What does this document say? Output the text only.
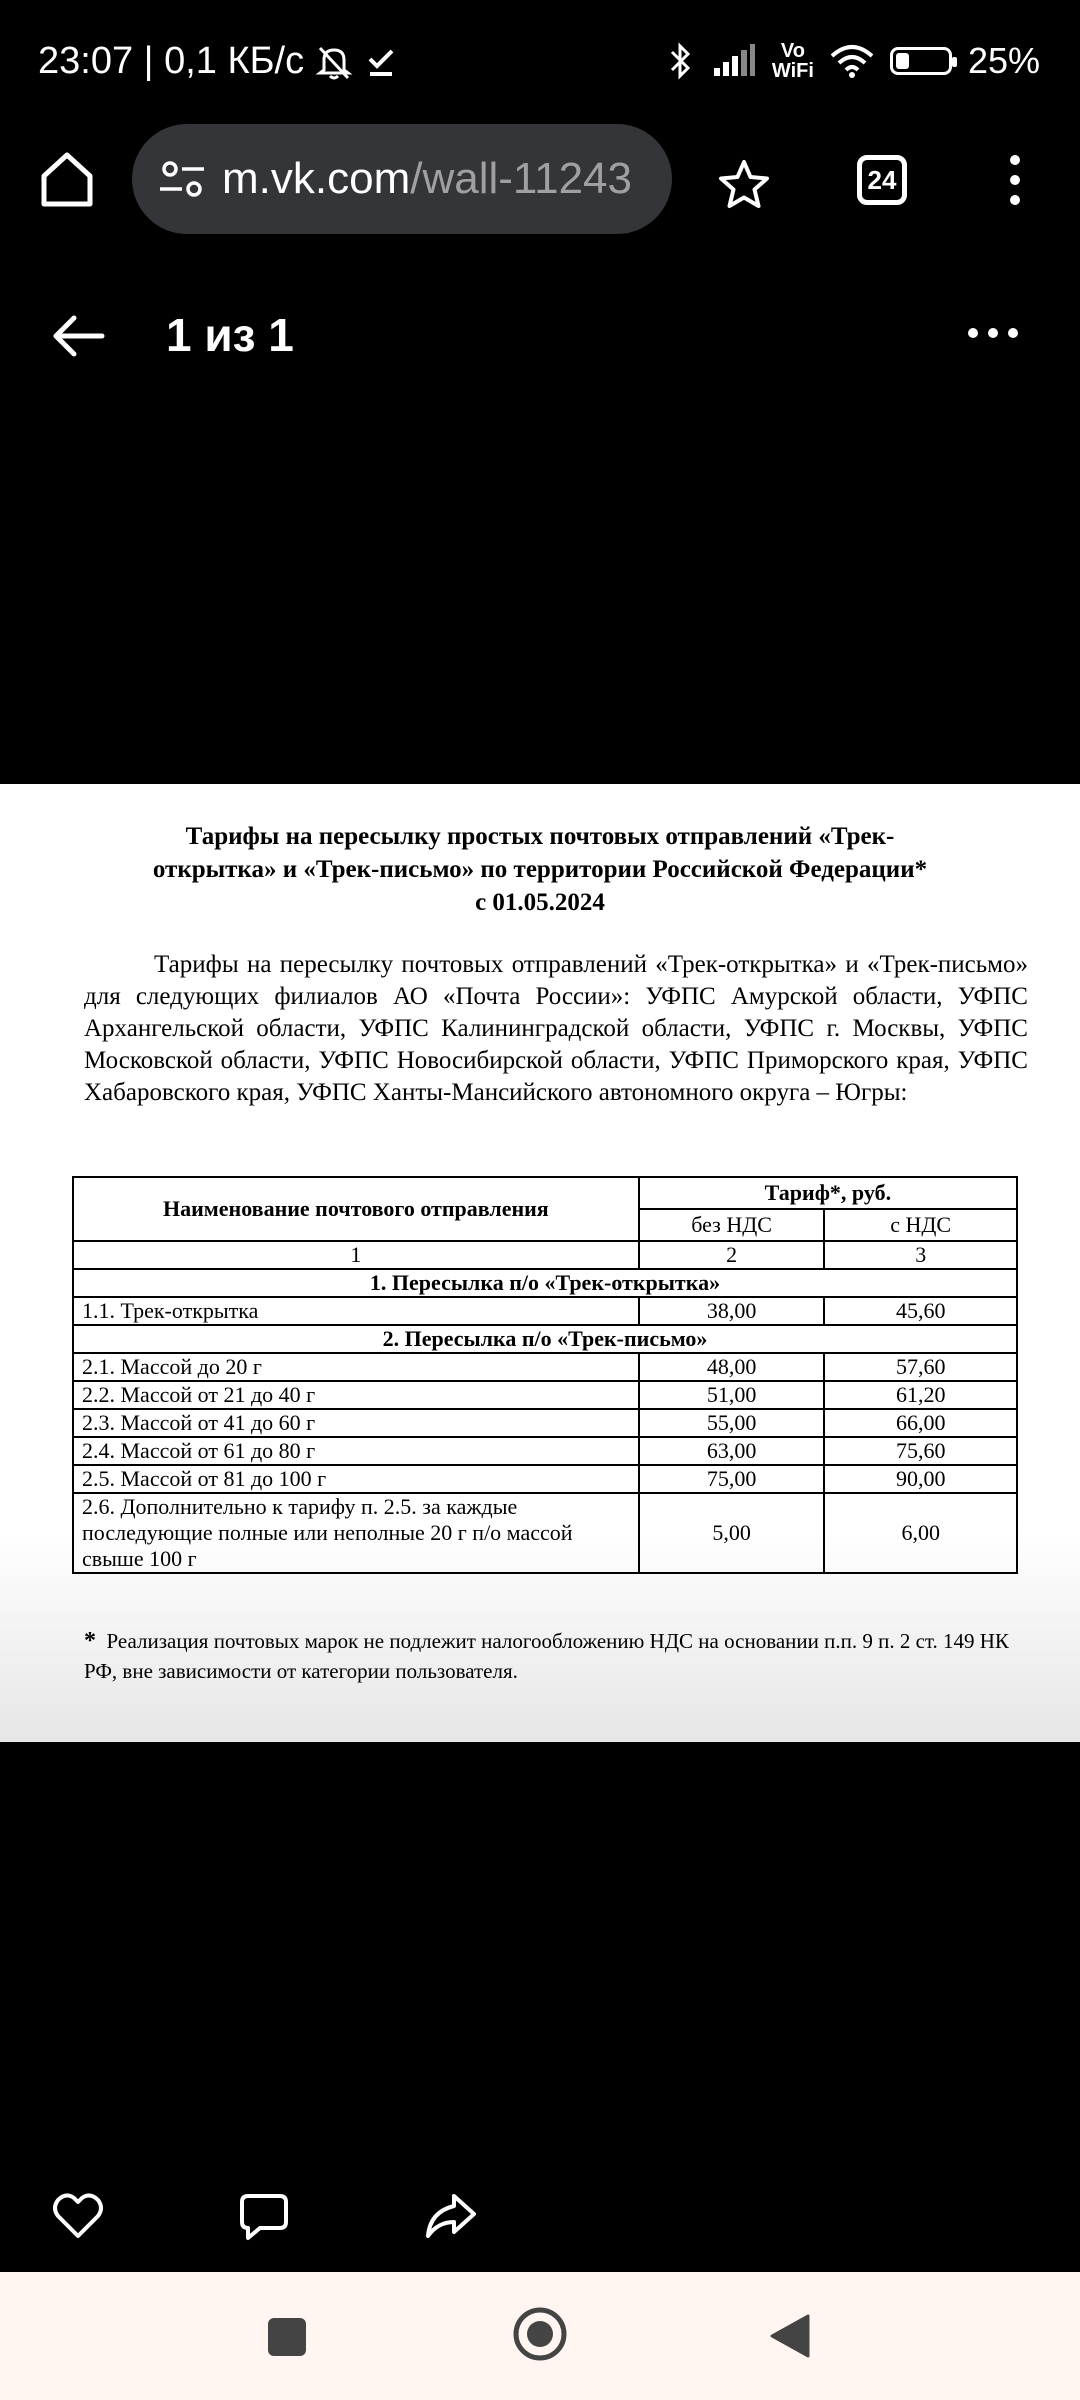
23:07 | 0,1 КБ/с	Vo
WiFi	25%
m.vk.com/wall-11243	24
1 из 1
Тарифы на пересылку простых почтовых отправлений «Трек-
открытка» и «Трек-письмо» по территории Российской Федерации*
с 01.05.2024
Тарифы на пересылку почтовых отправлений «Трек-открытка» и «Трек-письмо» для следующих филиалов АО «Почта России»: УФПС Амурской области, УФПС Архангельской области, УФПС Калининградской области, УФПС г. Москвы, УФПС Московской области, УФПС Новосибирской области, УФПС Приморского края, УФПС Хабаровского края, УФПС Ханты-Мансийского автономного округа – Югры:
Наименование почтового отправления	Тариф*, руб.	
	без НДС	с НДС
1	2	3
1. Пересылка п/о «Трек-открытка»		
1.1. Трек-открытка	38,00	45,60
2. Пересылка п/о «Трек-письмо»		
2.1. Массой до 20 г	48,00	57,60
2.2. Массой от 21 до 40 г	51,00	61,20
2.3. Массой от 41 до 60 г	55,00	66,00
2.4. Массой от 61 до 80 г	63,00	75,60
2.5. Массой от 81 до 100 г	75,00	90,00
2.6. Дополнительно к тарифу п. 2.5. за каждые последующие полные или неполные 20 г п/о массой свыше 100 г	5,00	6,00
* Реализация почтовых марок не подлежит налогообложению НДС на основании п.п. 9 п. 2 ст. 149 НК РФ, вне зависимости от категории пользователя.
